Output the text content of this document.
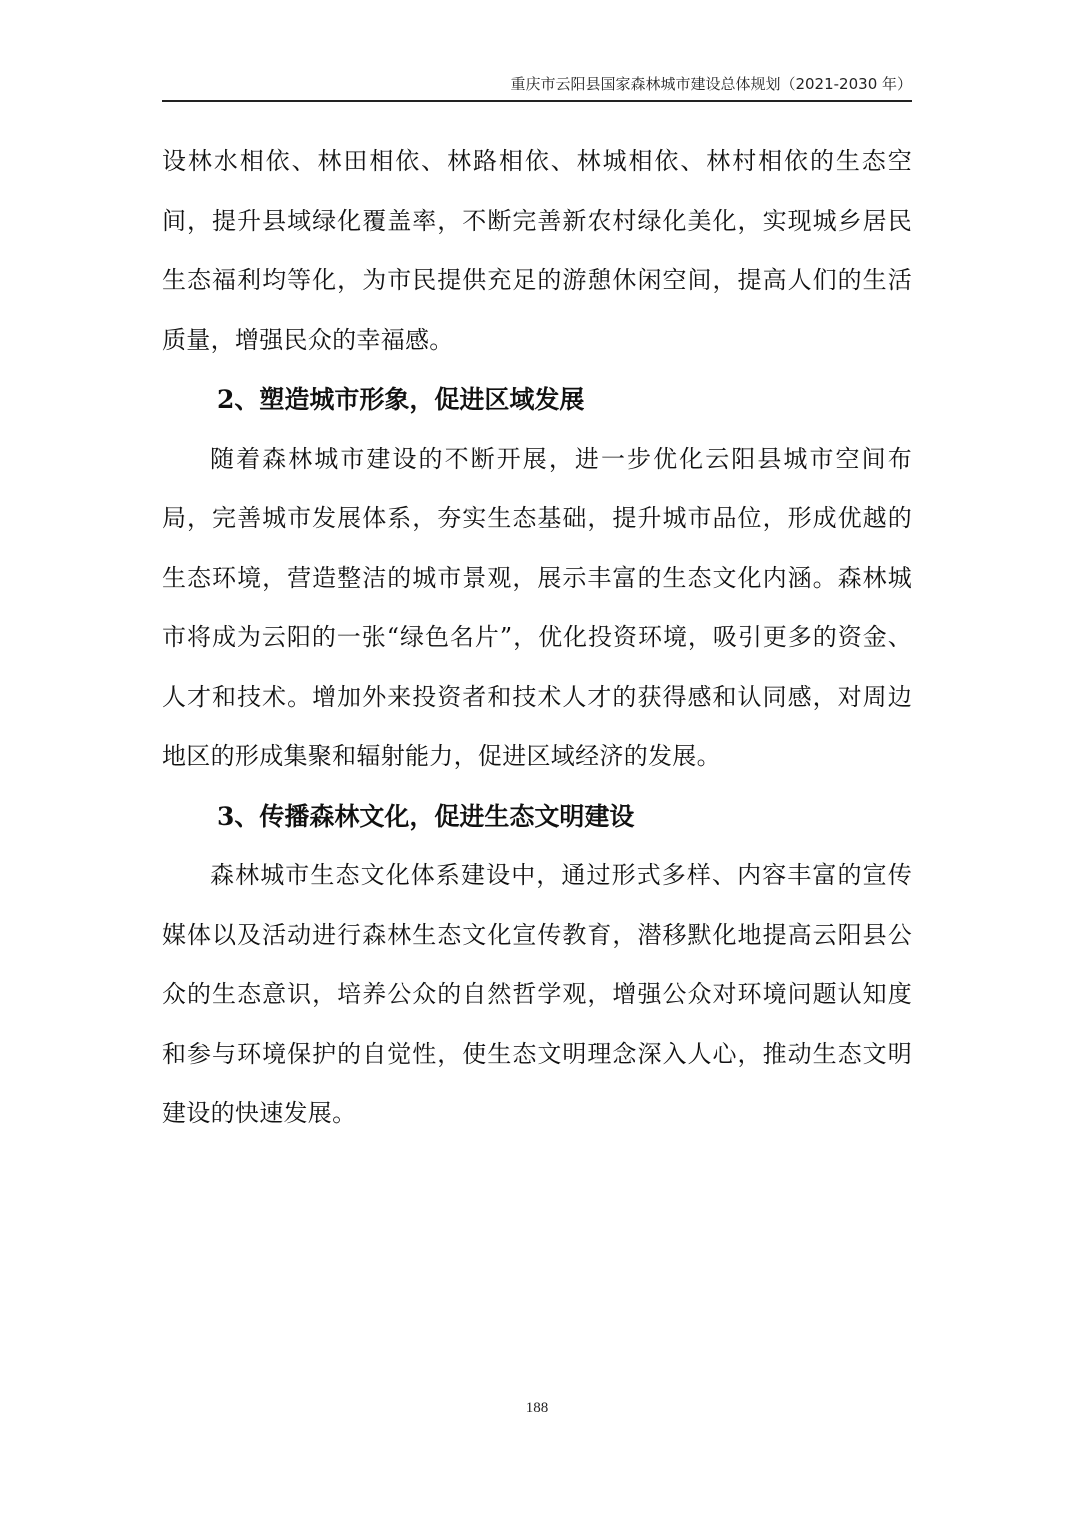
重庆市云阳县国家森林城市建设总体规划（2021-2030 年）

设林水相依、林田相依、林路相依、林城相依、林村相依的生态空间，提升县域绿化覆盖率，不断完善新农村绿化美化，实现城乡居民生态福利均等化，为市民提供充足的游憩休闲空间，提高人们的生活质量，增强民众的幸福感。

2、塑造城市形象，促进区域发展

随着森林城市建设的不断开展，进一步优化云阳县城市空间布局，完善城市发展体系，夯实生态基础，提升城市品位，形成优越的生态环境，营造整洁的城市景观，展示丰富的生态文化内涵。森林城市将成为云阳的一张“绿色名片”，优化投资环境，吸引更多的资金、人才和技术。增加外来投资者和技术人才的获得感和认同感，对周边地区的形成集聚和辐射能力，促进区域经济的发展。

3、传播森林文化，促进生态文明建设

森林城市生态文化体系建设中，通过形式多样、内容丰富的宣传媒体以及活动进行森林生态文化宣传教育，潜移默化地提高云阳县公众的生态意识，培养公众的自然哲学观，增强公众对环境问题认知度和参与环境保护的自觉性，使生态文明理念深入人心，推动生态文明建设的快速发展。

188
